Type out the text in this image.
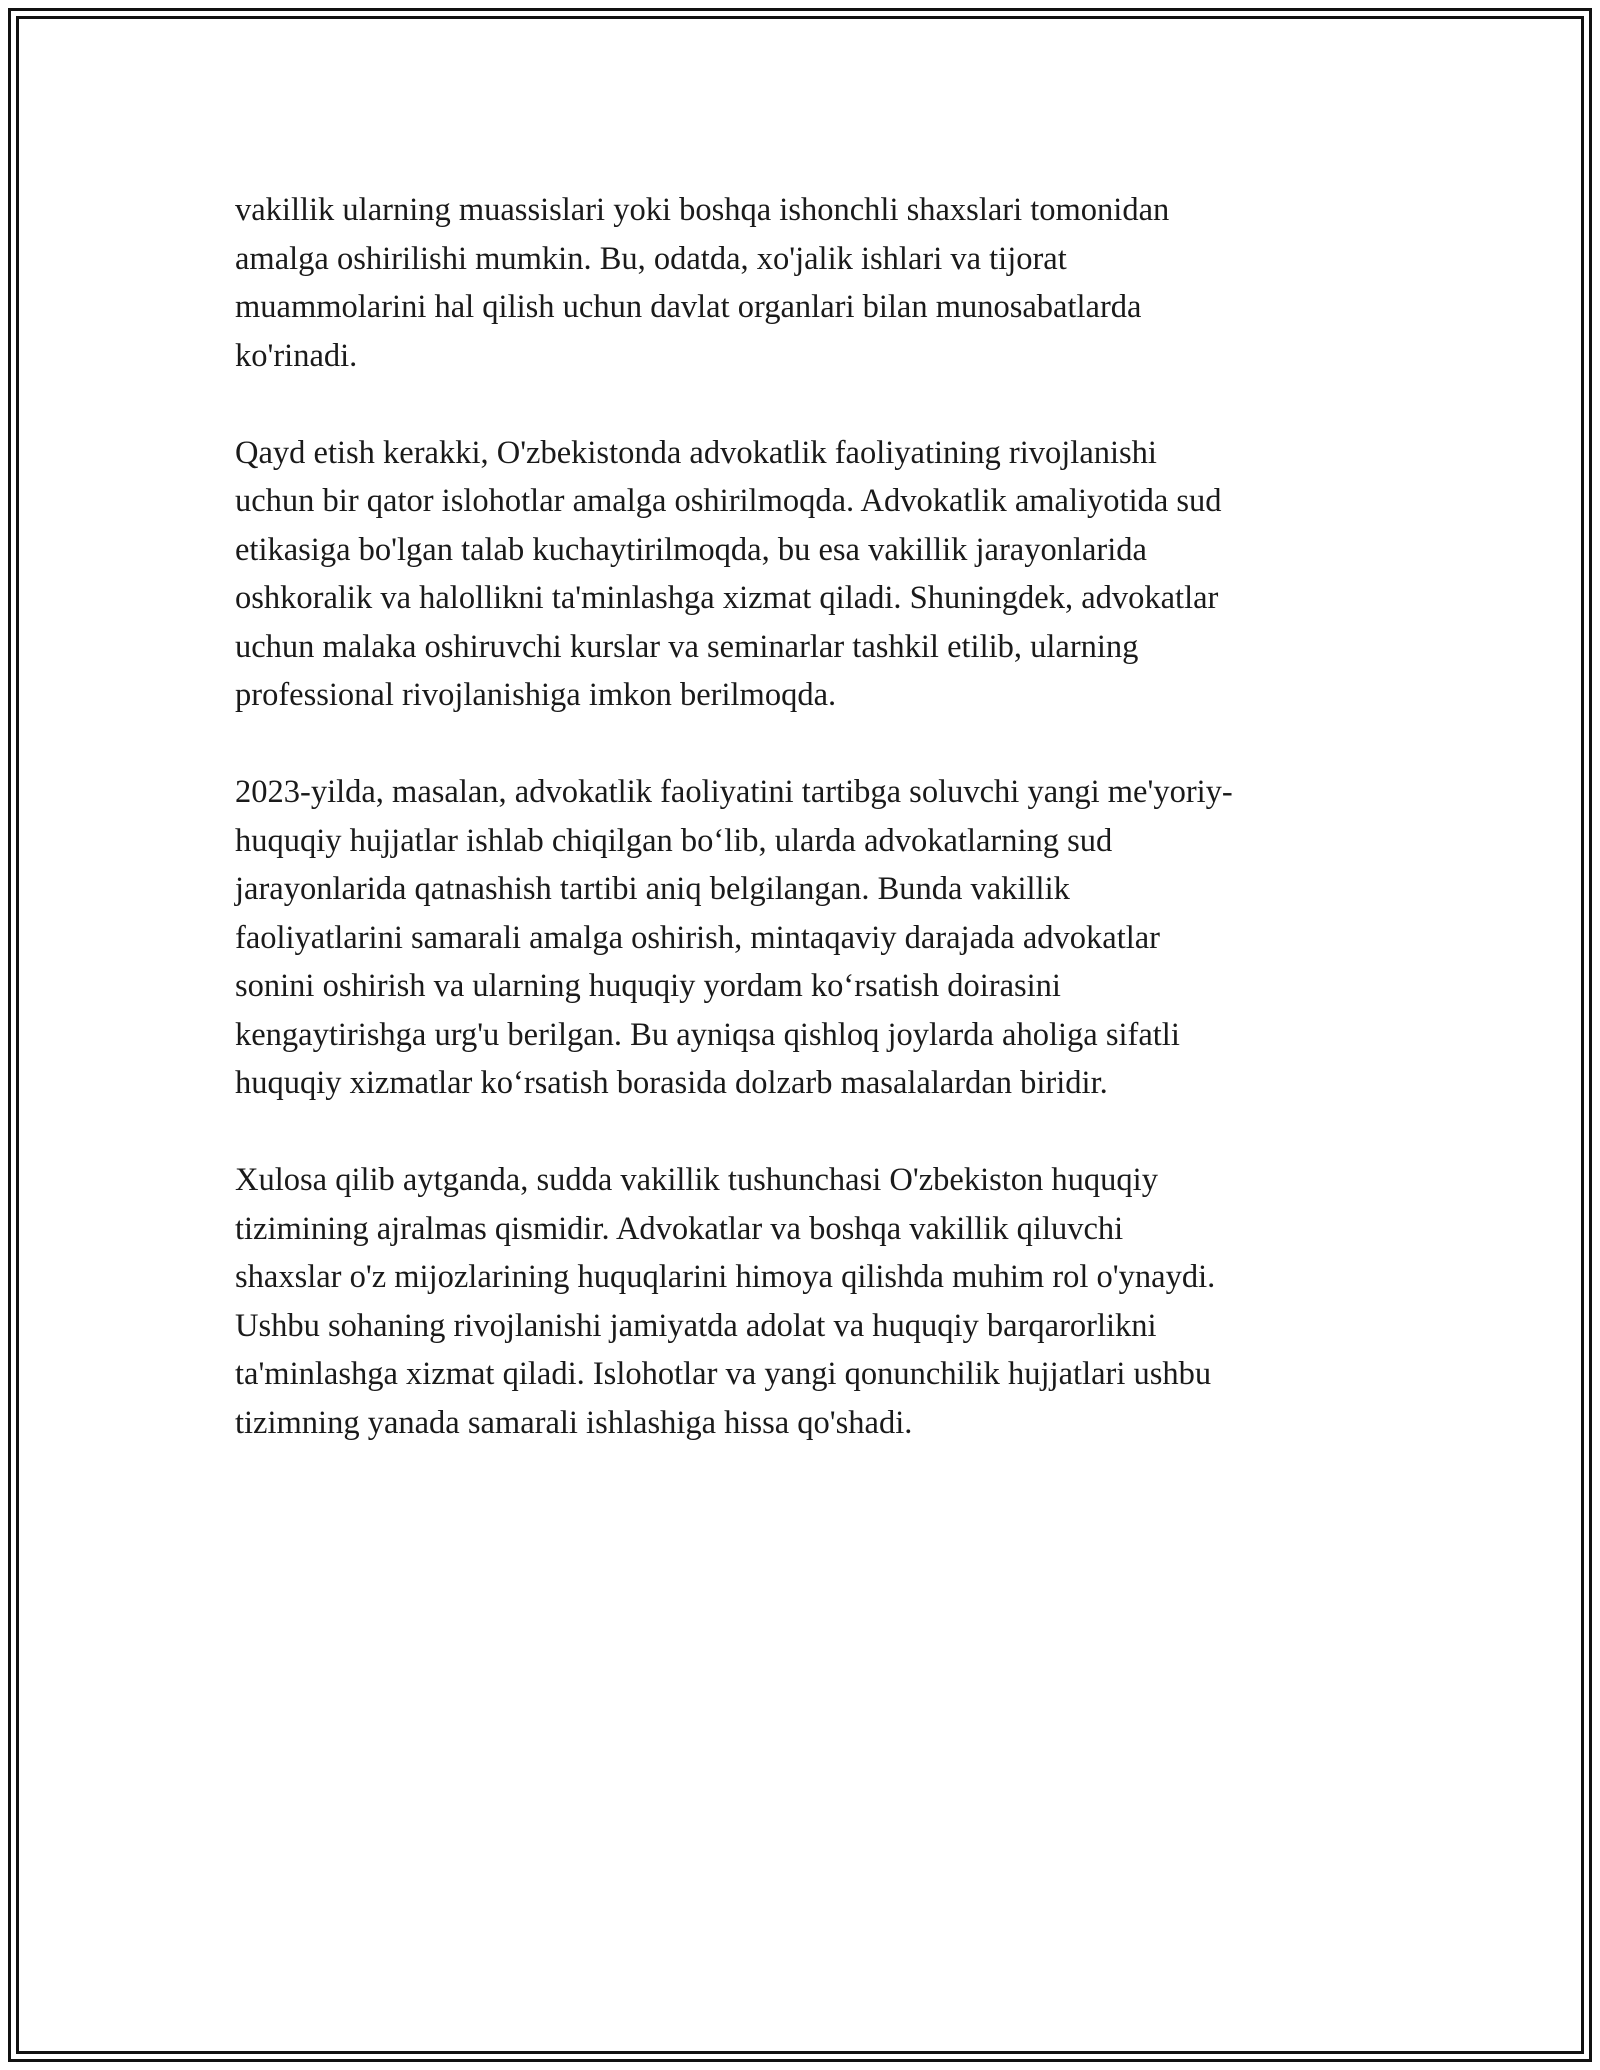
vakillik ularning muassislari yoki boshqa ishonchli shaxslari tomonidan
amalga oshirilishi mumkin. Bu, odatda, xo'jalik ishlari va tijorat
muammolarini hal qilish uchun davlat organlari bilan munosabatlarda
ko'rinadi.

Qayd etish kerakki, O'zbekistonda advokatlik faoliyatining rivojlanishi
uchun bir qator islohotlar amalga oshirilmoqda. Advokatlik amaliyotida sud
etikasiga bo'lgan talab kuchaytirilmoqda, bu esa vakillik jarayonlarida
oshkoralik va halollikni ta'minlashga xizmat qiladi. Shuningdek, advokatlar
uchun malaka oshiruvchi kurslar va seminarlar tashkil etilib, ularning
professional rivojlanishiga imkon berilmoqda.

2023-yilda, masalan, advokatlik faoliyatini tartibga soluvchi yangi me'yoriy-
huquqiy hujjatlar ishlab chiqilgan bo‘lib, ularda advokatlarning sud
jarayonlarida qatnashish tartibi aniq belgilangan. Bunda vakillik
faoliyatlarini samarali amalga oshirish, mintaqaviy darajada advokatlar
sonini oshirish va ularning huquqiy yordam ko‘rsatish doirasini
kengaytirishga urg'u berilgan. Bu ayniqsa qishloq joylarda aholiga sifatli
huquqiy xizmatlar ko‘rsatish borasida dolzarb masalalardan biridir.

Xulosa qilib aytganda, sudda vakillik tushunchasi O'zbekiston huquqiy
tizimining ajralmas qismidir. Advokatlar va boshqa vakillik qiluvchi
shaxslar o'z mijozlarining huquqlarini himoya qilishda muhim rol o'ynaydi.
Ushbu sohaning rivojlanishi jamiyatda adolat va huquqiy barqarorlikni
ta'minlashga xizmat qiladi. Islohotlar va yangi qonunchilik hujjatlari ushbu
tizimning yanada samarali ishlashiga hissa qo'shadi.
